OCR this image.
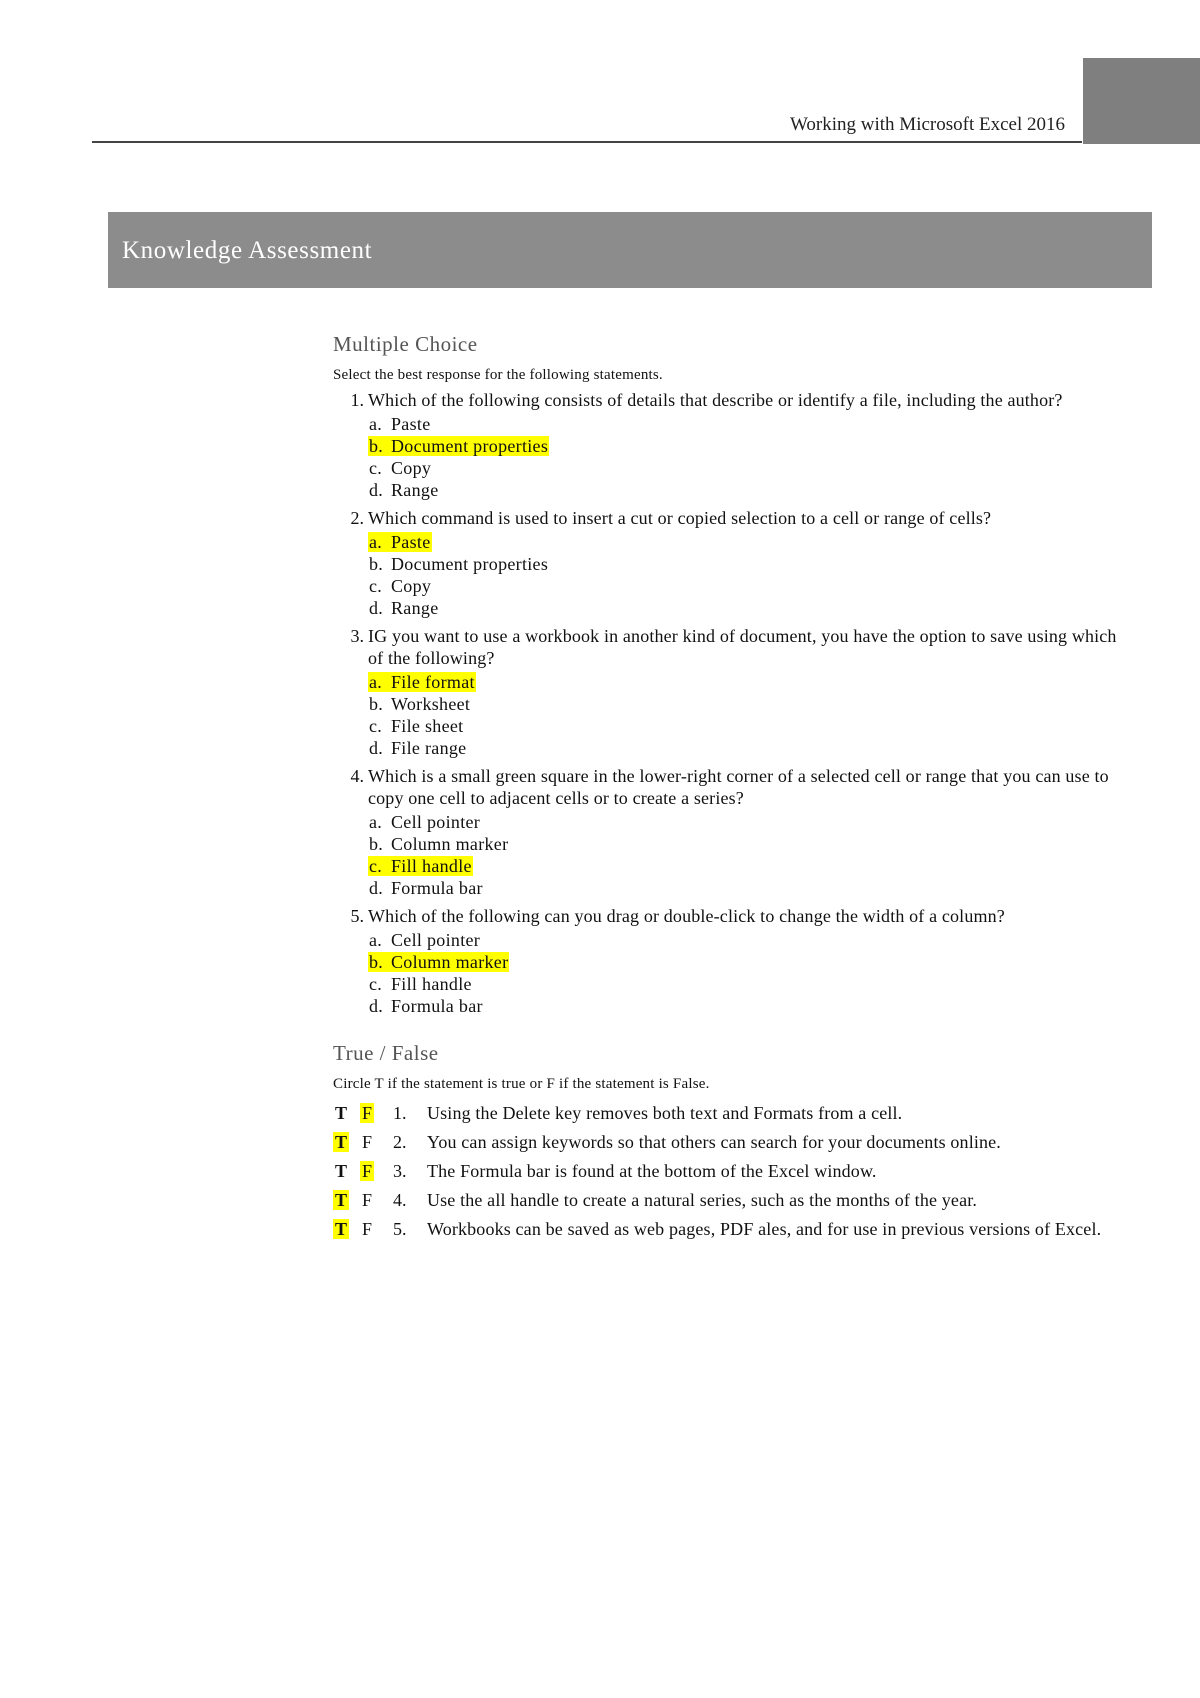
Working with Microsoft Excel 2016
Knowledge Assessment
Multiple Choice
Select the best response for the following statements.
1. Which of the following consists of details that describe or identify a file, including the author?
a. Paste
b. Document properties
c. Copy
d. Range
2. Which command is used to insert a cut or copied selection to a cell or range of cells?
a. Paste
b. Document properties
c. Copy
d. Range
3. IG you want to use a workbook in another kind of document, you have the option to save using which of the following?
a. File format
b. Worksheet
c. File sheet
d. File range
4. Which is a small green square in the lower-right corner of a selected cell or range that you can use to copy one cell to adjacent cells or to create a series?
a. Cell pointer
b. Column marker
c. Fill handle
d. Formula bar
5. Which of the following can you drag or double-click to change the width of a column?
a. Cell pointer
b. Column marker
c. Fill handle
d. Formula bar
True / False
Circle T if the statement is true or F if the statement is False.
T F	1.	Using the Delete key removes both text and Formats from a cell.
T F	2.	You can assign keywords so that others can search for your documents online.
T F	3.	The Formula bar is found at the bottom of the Excel window.
T F	4.	Use the all handle to create a natural series, such as the months of the year.
T F	5.	Workbooks can be saved as web pages, PDF ales, and for use in previous versions of Excel.
